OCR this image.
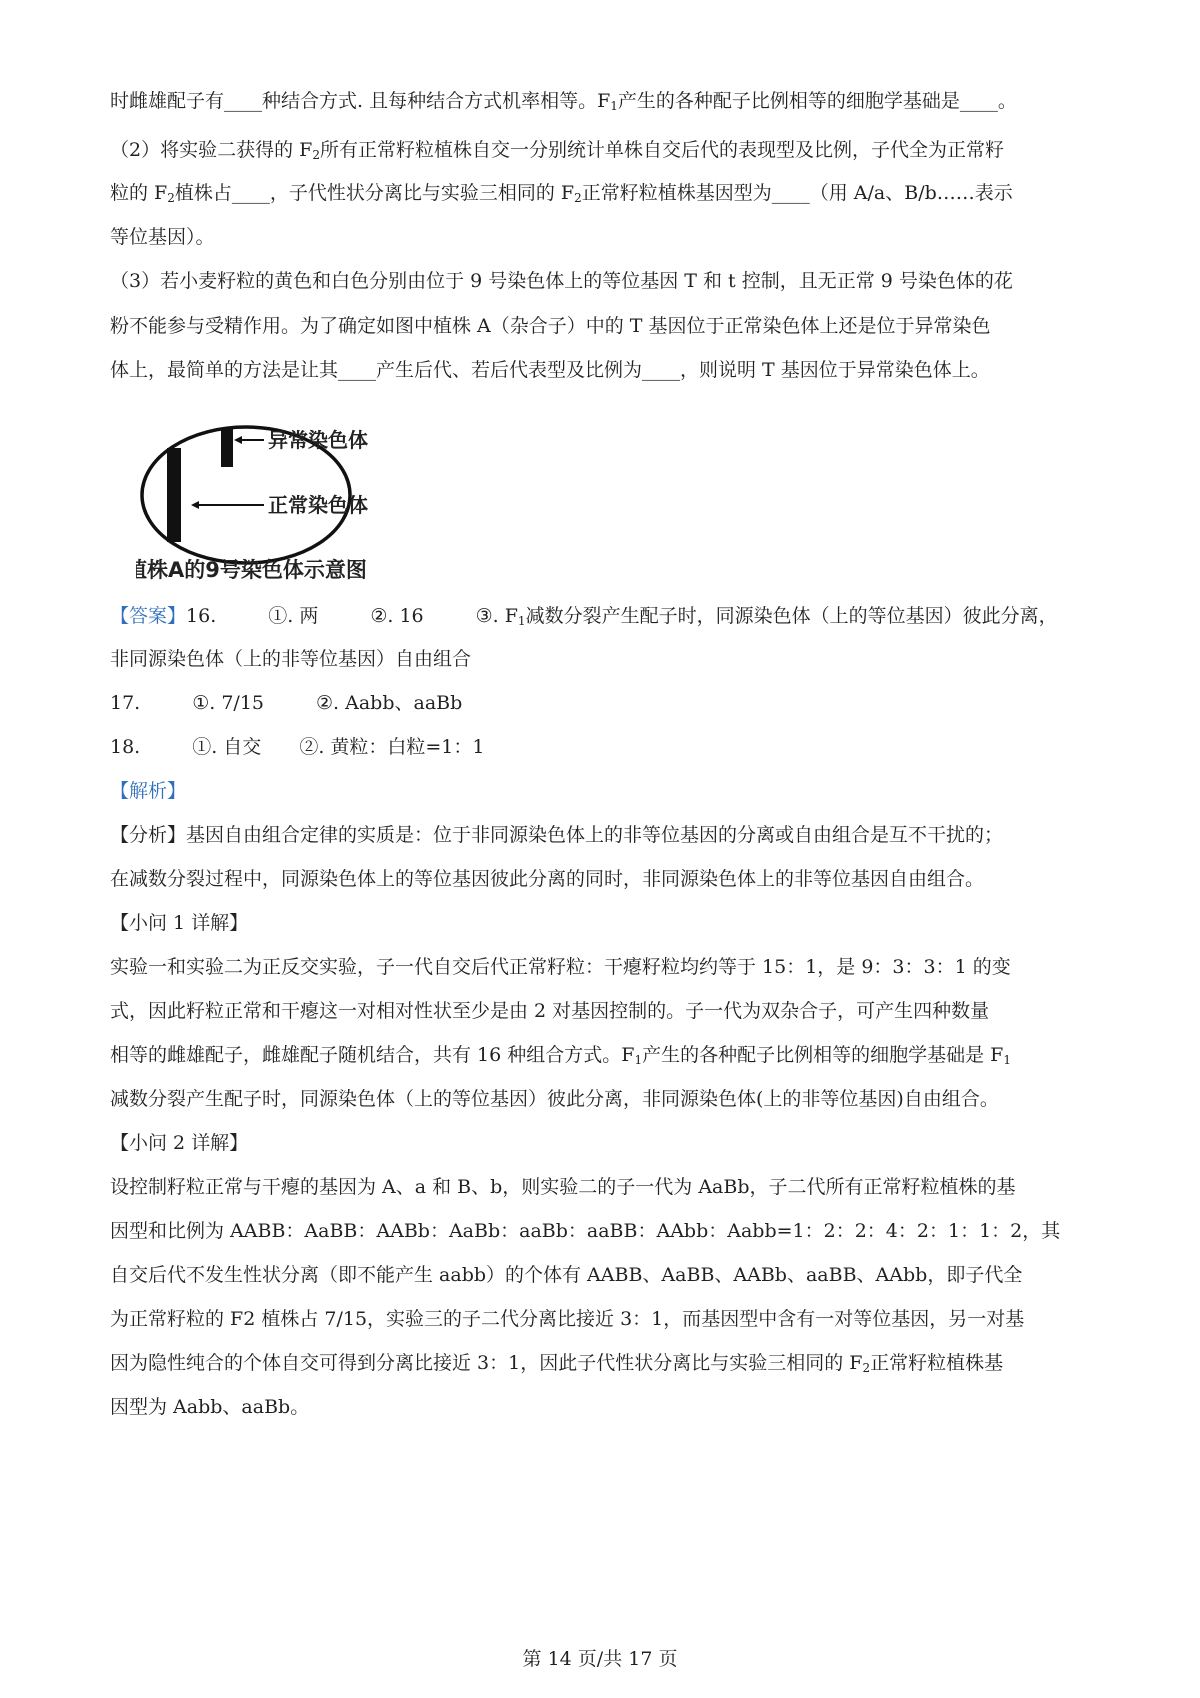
时雌雄配子有____种结合方式. 且每种结合方式机率相等。$F_1$产生的各种配子比例相等的细胞学基础是____。
（2）将实验二获得的 $F_2$所有正常籽粒植株自交一分别统计单株自交后代的表现型及比例，子代全为正常籽
粒的 $F_2$植株占____，子代性状分离比与实验三相同的 $F_2$正常籽粒植株基因型为____（用 A/a、B/b……表示
等位基因）。
（3）若小麦籽粒的黄色和白色分别由位于 9 号染色体上的等位基因 T 和 t 控制，且无正常 9 号染色体的花
粉不能参与受精作用。为了确定如图中植株 A（杂合子）中的 T 基因位于正常染色体上还是位于异常染色
体上，最简单的方法是让其____产生后代、若后代表型及比例为____，则说明 T 基因位于异常染色体上。
异常染色体
正常染色体
植株A的9号染色体示意图
【答案】16.	①. 两	②. 16	③. $F_1$减数分裂产生配子时，同源染色体（上的等位基因）彼此分离，
非同源染色体（上的非等位基因）自由组合
17.	①. 7/15	②. Aabb、aaBb
18.	①. 自交 ②. 黄粒：白粒=1：1
【解析】
【分析】基因自由组合定律的实质是：位于非同源染色体上的非等位基因的分离或自由组合是互不干扰的；
在减数分裂过程中，同源染色体上的等位基因彼此分离的同时，非同源染色体上的非等位基因自由组合。
【小问 1 详解】
实验一和实验二为正反交实验，子一代自交后代正常籽粒：干瘪籽粒均约等于 15：1，是 9：3：3：1 的变
式，因此籽粒正常和干瘪这一对相对性状至少是由 2 对基因控制的。子一代为双杂合子，可产生四种数量
相等的雌雄配子，雌雄配子随机结合，共有 16 种组合方式。$F_1$产生的各种配子比例相等的细胞学基础是 $F_1$
减数分裂产生配子时，同源染色体（上的等位基因）彼此分离，非同源染色体(上的非等位基因)自由组合。
【小问 2 详解】
设控制籽粒正常与干瘪的基因为 A、a 和 B、b，则实验二的子一代为 AaBb，子二代所有正常籽粒植株的基
因型和比例为 AABB：AaBB：AABb：AaBb：aaBb：aaBB：AAbb：Aabb=1：2：2：4：2：1：1：2，其
自交后代不发生性状分离（即不能产生 aabb）的个体有 AABB、AaBB、AABb、aaBB、AAbb，即子代全
为正常籽粒的 F2 植株占 7/15，实验三的子二代分离比接近 3：1，而基因型中含有一对等位基因，另一对基
因为隐性纯合的个体自交可得到分离比接近 3：1，因此子代性状分离比与实验三相同的 $F_2$正常籽粒植株基
因型为 Aabb、aaBb。
第 14 页/共 17 页
